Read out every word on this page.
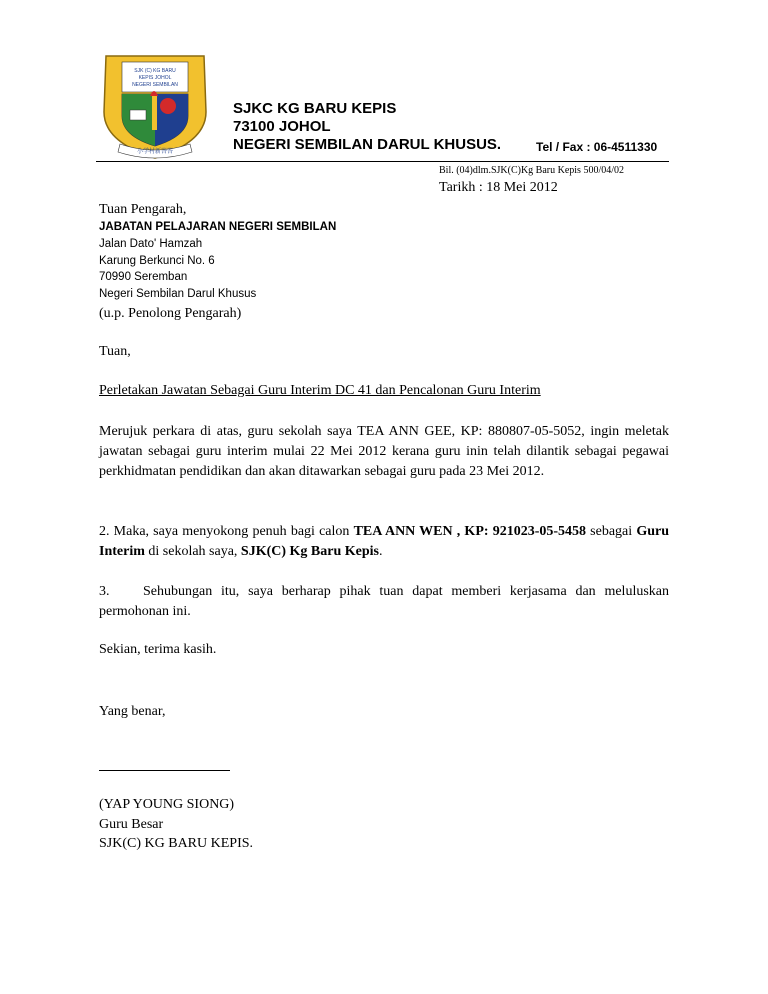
SJK (C) KG BARU
KEPIS JOHOL
NEGERI SEMBILAN
小学村新峇峇
SJKC KG BARU KEPIS
73100 JOHOL
NEGERI SEMBILAN DARUL KHUSUS.	Tel / Fax : 06-4511330
Bil. (04)dlm.SJK(C)Kg Baru Kepis 500/04/02
Tarikh : 18 Mei 2012
Tuan Pengarah,
JABATAN PELAJARAN NEGERI SEMBILAN
Jalan Dato' Hamzah
Karung Berkunci No. 6
70990 Seremban
Negeri Sembilan Darul Khusus
(u.p. Penolong Pengarah)
Tuan,
Perletakan Jawatan Sebagai Guru Interim DC 41 dan Pencalonan Guru Interim
Merujuk perkara di atas, guru sekolah saya TEA ANN GEE, KP: 880807-05-5052, ingin meletak jawatan sebagai guru interim mulai 22 Mei 2012 kerana guru inin telah dilantik sebagai pegawai perkhidmatan pendidikan dan akan ditawarkan sebagai guru pada 23 Mei 2012.
2. Maka, saya menyokong penuh bagi calon TEA ANN WEN , KP: 921023-05-5458 sebagai Guru Interim di sekolah saya, SJK(C) Kg Baru Kepis.
3. Sehubungan itu, saya berharap pihak tuan dapat memberi kerjasama dan meluluskan permohonan ini.
Sekian, terima kasih.
Yang benar,
(YAP YOUNG SIONG)
Guru Besar
SJK(C) KG BARU KEPIS.
